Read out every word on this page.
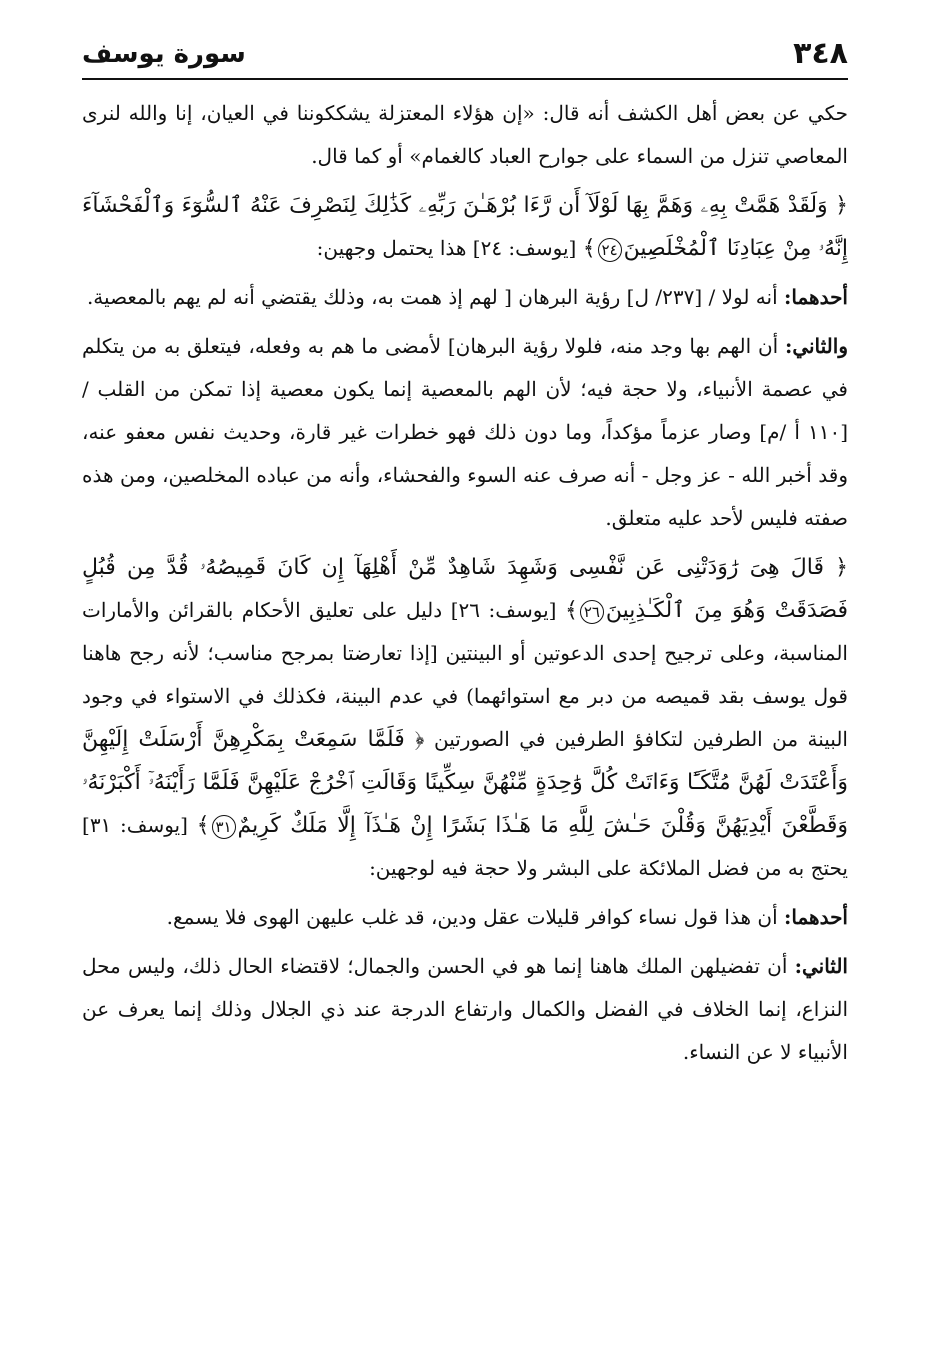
٣٤٨
سورة يوسف

حكي عن بعض أهل الكشف أنه قال: «إن هؤلاء المعتزلة يشككوننا في العيان، إنا والله لنرى المعاصي تنزل من السماء على جوارح العباد كالغمام» أو كما قال.

﴿ وَلَقَدْ هَمَّتْ بِهِۦ وَهَمَّ بِهَا لَوْلَآ أَن رَّءَا بُرْهَـٰنَ رَبِّهِۦ كَذَٰلِكَ لِنَصْرِفَ عَنْهُ ٱلسُّوٓءَ وَٱلْفَحْشَآءَ إِنَّهُۥ مِنْ عِبَادِنَا ٱلْمُخْلَصِينَ٢٤﴾ [يوسف: ٢٤] هذا يحتمل وجهين:

أحدهما: أنه لولا / [٢٣٧/ ل] رؤية البرهان [ لهم إذ همت به، وذلك يقتضي أنه لم يهم بالمعصية.

والثاني: أن الهم بها وجد منه، فلولا رؤية البرهان] لأمضى ما هم به وفعله، فيتعلق به من يتكلم في عصمة الأنبياء، ولا حجة فيه؛ لأن الهم بالمعصية إنما يكون معصية إذا تمكن من القلب / [١١٠ أ /م] وصار عزماً مؤكداً، وما دون ذلك فهو خطرات غير قارة، وحديث نفس معفو عنه، وقد أخبر الله - عز وجل - أنه صرف عنه السوء والفحشاء، وأنه من عباده المخلصين، ومن هذه صفته فليس لأحد عليه متعلق.

﴿ قَالَ هِىَ رَٰوَدَتْنِى عَن نَّفْسِى وَشَهِدَ شَاهِدٌ مِّنْ أَهْلِهَآ إِن كَانَ قَمِيصُهُۥ قُدَّ مِن قُبُلٍ فَصَدَقَتْ وَهُوَ مِنَ ٱلْكَـٰذِبِينَ٢٦﴾ [يوسف: ٢٦] دليل على تعليق الأحكام بالقرائن والأمارات المناسبة، وعلى ترجيح إحدى الدعوتين أو البينتين [إذا تعارضتا بمرجح مناسب؛ لأنه رجح هاهنا قول يوسف بقد قميصه من دبر مع استوائهما) في عدم البينة، فكذلك في الاستواء في وجود البينة من الطرفين لتكافؤ الطرفين في الصورتين ﴿ فَلَمَّا سَمِعَتْ بِمَكْرِهِنَّ أَرْسَلَتْ إِلَيْهِنَّ وَأَعْتَدَتْ لَهُنَّ مُتَّكَـًٔا وَءَاتَتْ كُلَّ وَٰحِدَةٍ مِّنْهُنَّ سِكِّينًا وَقَالَتِ ٱخْرُجْ عَلَيْهِنَّ فَلَمَّا رَأَيْنَهُۥٓ أَكْبَرْنَهُۥ وَقَطَّعْنَ أَيْدِيَهُنَّ وَقُلْنَ حَـٰشَ لِلَّهِ مَا هَـٰذَا بَشَرًا إِنْ هَـٰذَآ إِلَّا مَلَكٌ كَرِيمٌ٣١﴾ [يوسف: ٣١] يحتج به من فضل الملائكة على البشر ولا حجة فيه لوجهين:

أحدهما: أن هذا قول نساء كوافر قليلات عقل ودين، قد غلب عليهن الهوى فلا يسمع.

الثاني: أن تفضيلهن الملك هاهنا إنما هو في الحسن والجمال؛ لاقتضاء الحال ذلك، وليس محل النزاع، إنما الخلاف في الفضل والكمال وارتفاع الدرجة عند ذي الجلال وذلك إنما يعرف عن الأنبياء لا عن النساء.
